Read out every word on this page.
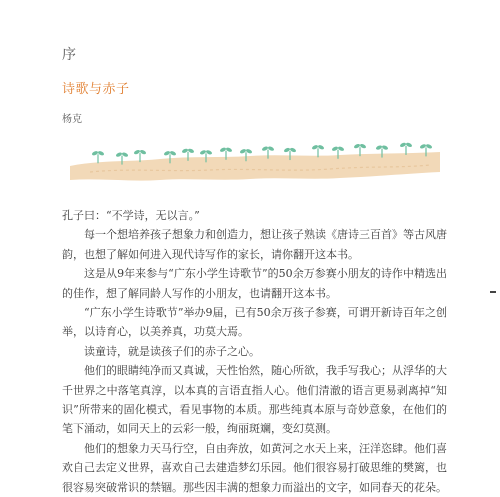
序
诗歌与赤子
杨克

孔子曰：“不学诗，无以言。”

每一个想培养孩子想象力和创造力，想让孩子熟读《唐诗三百首》等古风唐韵，也想了解如何进入现代诗写作的家长，请你翻开这本书。

这是从9年来参与“广东小学生诗歌节”的50余万参赛小朋友的诗作中精选出的佳作，想了解同龄人写作的小朋友，也请翻开这本书。

“广东小学生诗歌节”举办9届，已有50余万孩子参赛，可谓开新诗百年之创举，以诗育心，以美养真，功莫大焉。

读童诗，就是读孩子们的赤子之心。

他们的眼睛纯净而又真诚，天性怡然，随心所欲，我手写我心；从浮华的大千世界之中落笔真淳，以本真的言语直指人心。他们清澈的语言更易剥离掉“知识”所带来的固化模式，看见事物的本质。那些纯真本原与奇妙意象，在他们的笔下涌动，如同天上的云彩一般，绚丽斑斓，变幻莫测。

他们的想象力天马行空，自由奔放，如黄河之水天上来，汪洋恣肆。他们喜欢自己去定义世界，喜欢自己去建造梦幻乐园。他们很容易打破思维的樊篱，也很容易突破常识的禁锢。那些因丰满的想象力而溢出的文字，如同春天的花朵。
